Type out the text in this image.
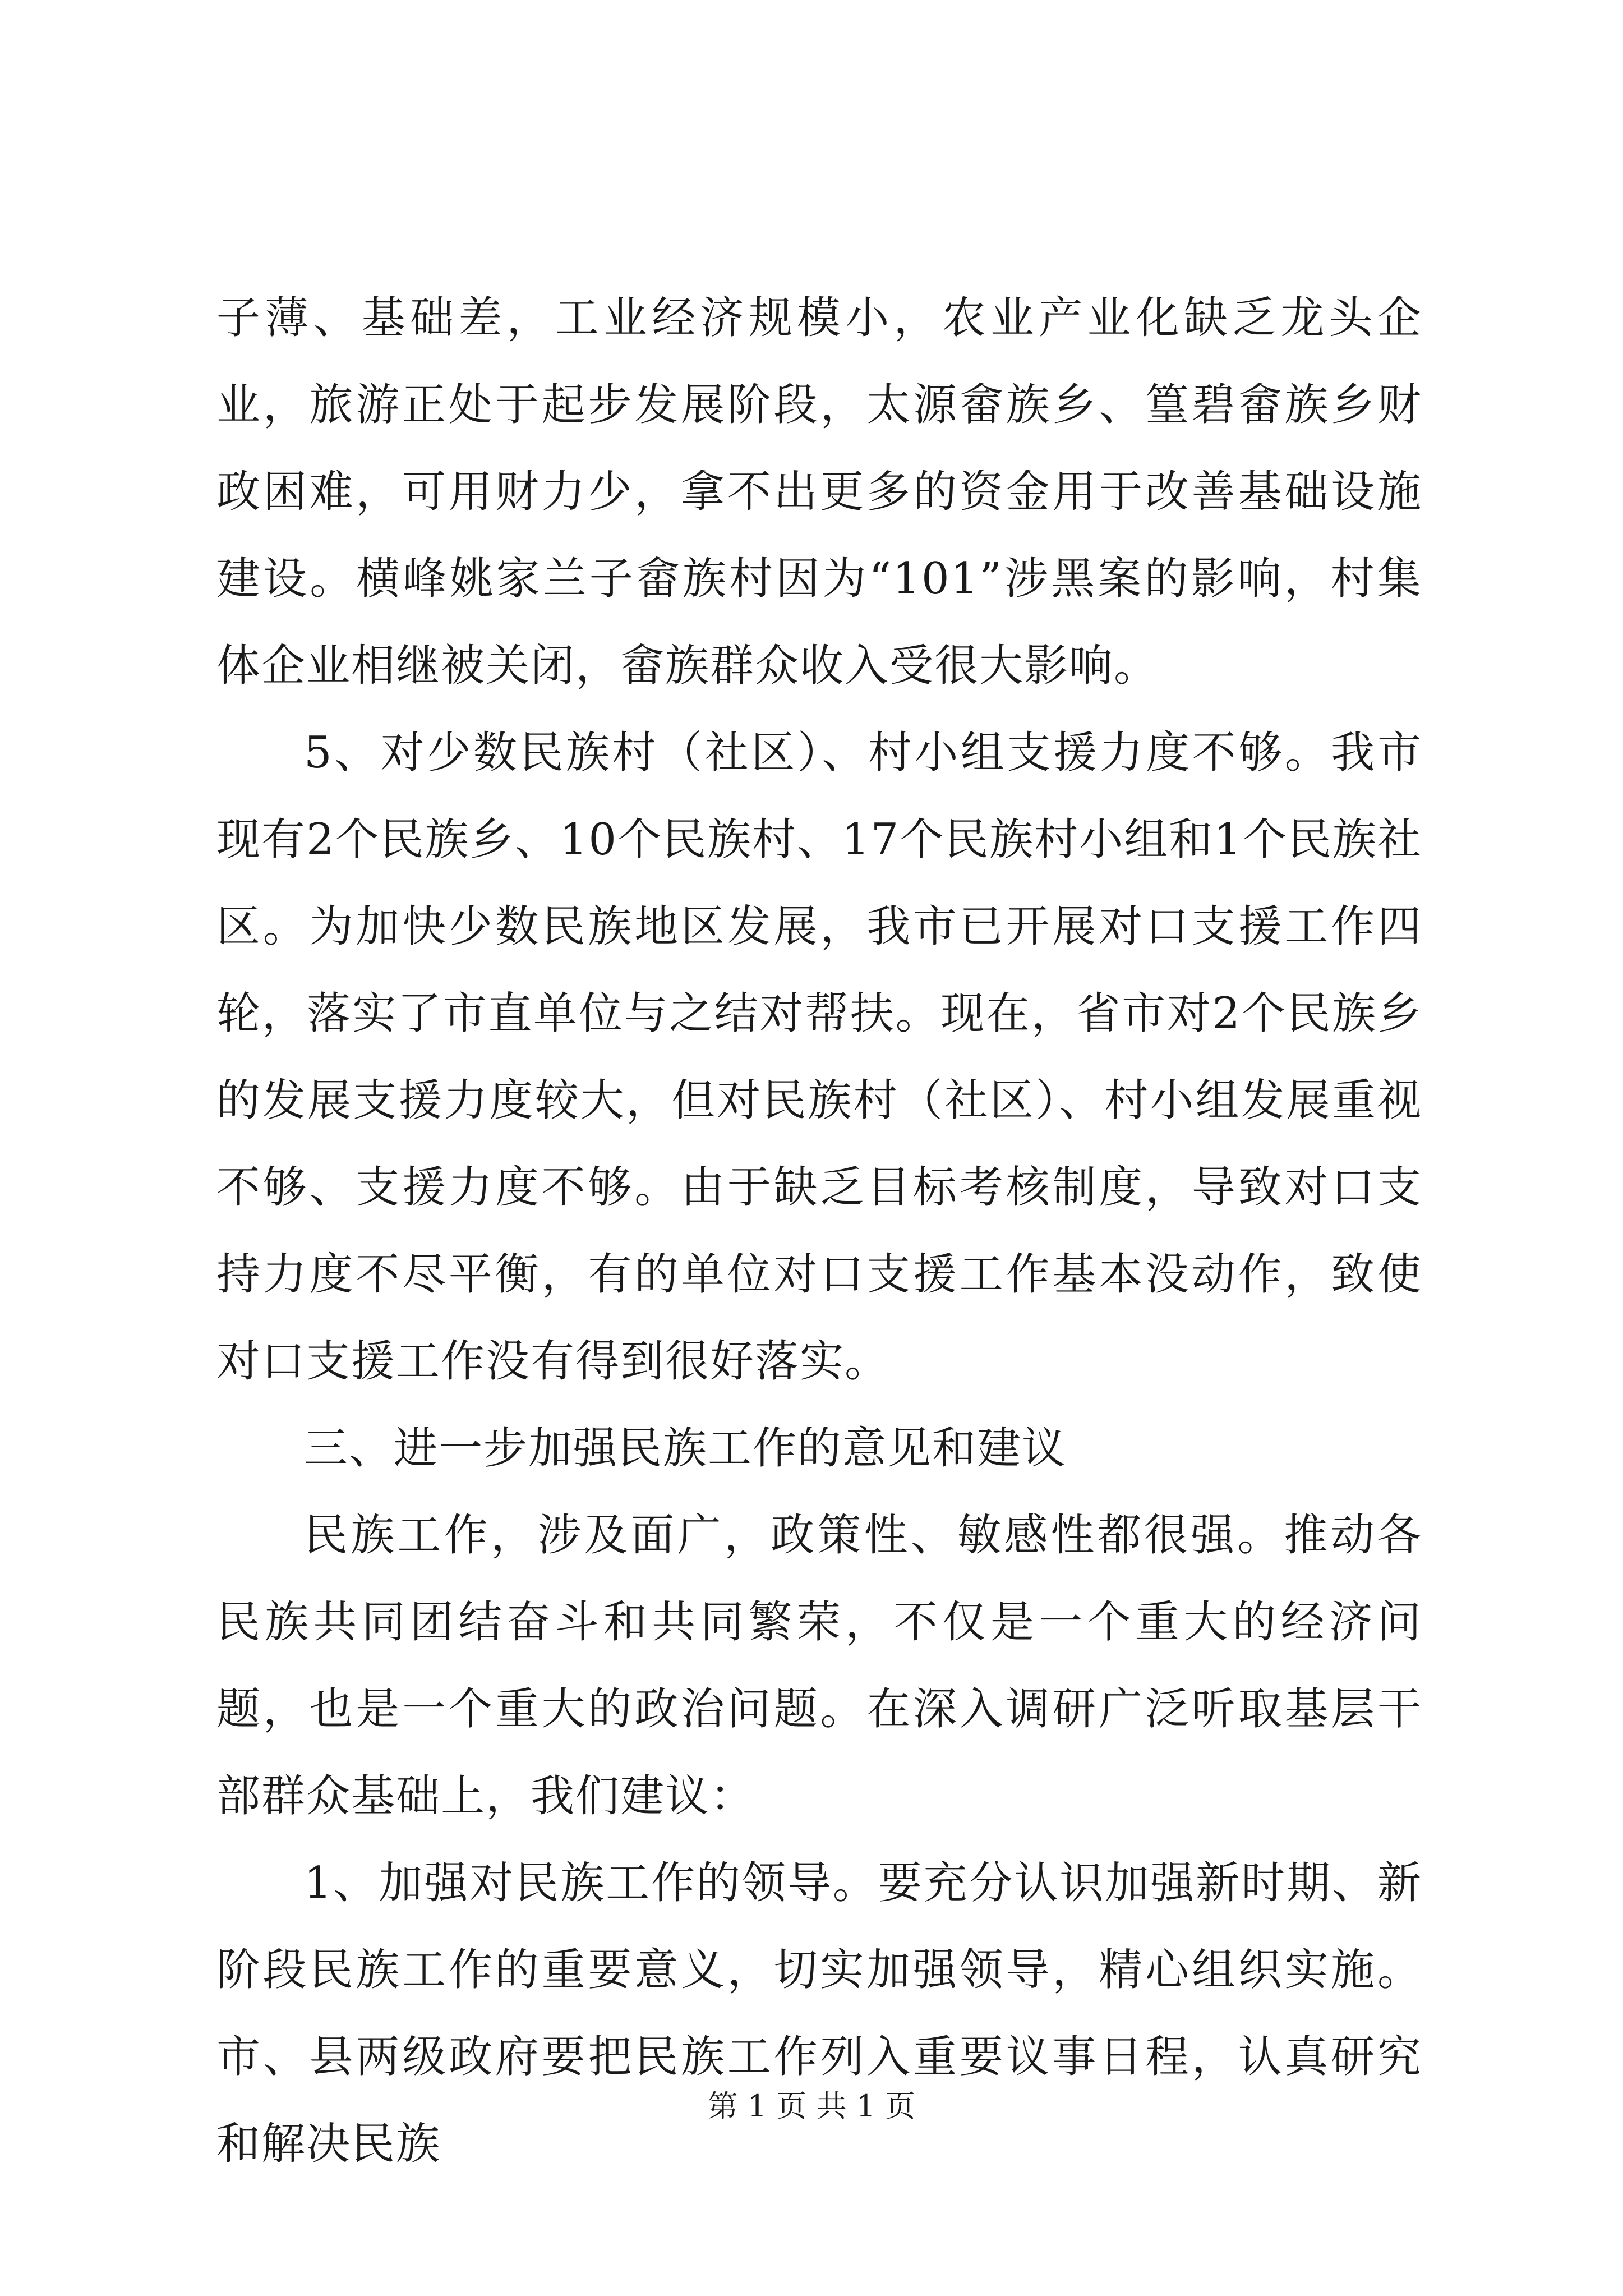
子薄、基础差，工业经济规模小，农业产业化缺乏龙头企业，旅游正处于起步发展阶段，太源畲族乡、篁碧畲族乡财政困难，可用财力少，拿不出更多的资金用于改善基础设施建设。横峰姚家兰子畲族村因为“101”涉黑案的影响，村集体企业相继被关闭，畲族群众收入受很大影响。

5、对少数民族村（社区）、村小组支援力度不够。我市现有2个民族乡、10个民族村、17个民族村小组和1个民族社区。为加快少数民族地区发展，我市已开展对口支援工作四轮，落实了市直单位与之结对帮扶。现在，省市对2个民族乡的发展支援力度较大，但对民族村（社区）、村小组发展重视不够、支援力度不够。由于缺乏目标考核制度，导致对口支持力度不尽平衡，有的单位对口支援工作基本没动作，致使对口支援工作没有得到很好落实。

三、进一步加强民族工作的意见和建议

民族工作，涉及面广，政策性、敏感性都很强。推动各民族共同团结奋斗和共同繁荣，不仅是一个重大的经济问题，也是一个重大的政治问题。在深入调研广泛听取基层干部群众基础上，我们建议：

1、加强对民族工作的领导。要充分认识加强新时期、新阶段民族工作的重要意义，切实加强领导，精心组织实施。市、县两级政府要把民族工作列入重要议事日程，认真研究和解决民族

第 1 页 共 1 页
